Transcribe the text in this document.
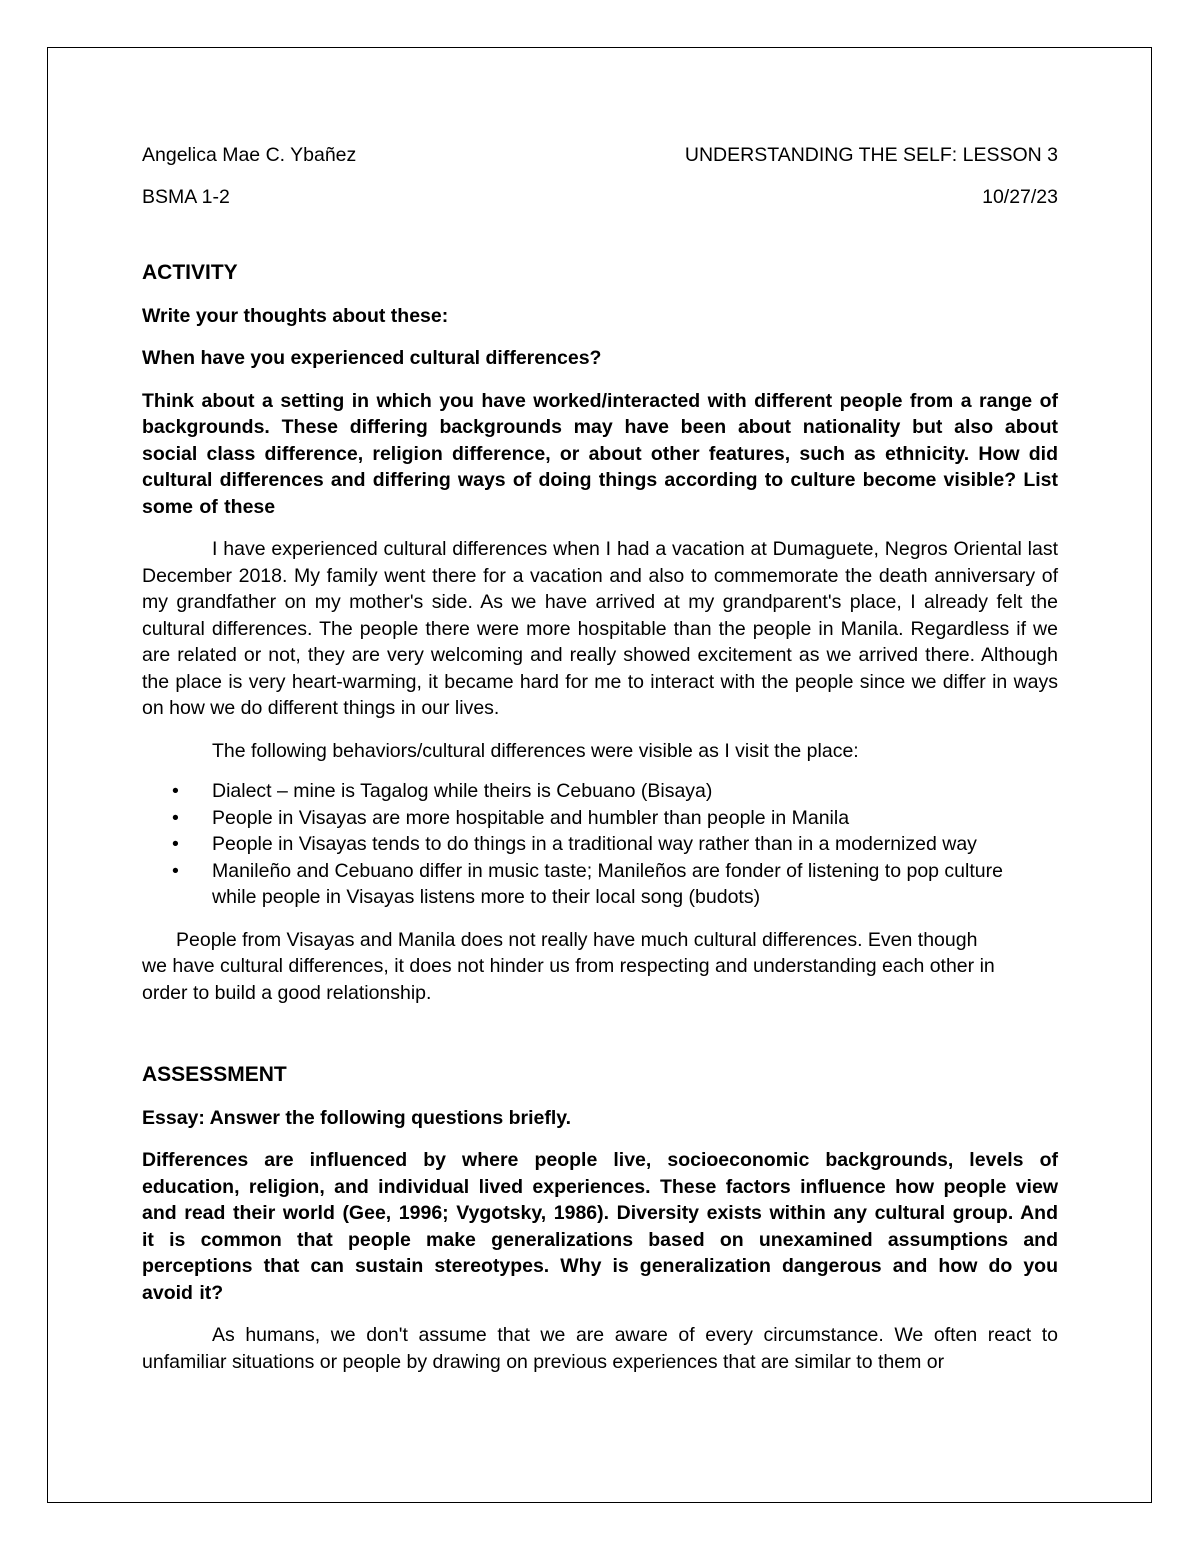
Angelica Mae C. Ybañez	UNDERSTANDING THE SELF: LESSON 3
BSMA 1-2	10/27/23
ACTIVITY

Write your thoughts about these:

When have you experienced cultural differences?

Think about a setting in which you have worked/interacted with different people from a range of backgrounds. These differing backgrounds may have been about nationality but also about social class difference, religion difference, or about other features, such as ethnicity. How did cultural differences and differing ways of doing things according to culture become visible? List some of these

I have experienced cultural differences when I had a vacation at Dumaguete, Negros Oriental last December 2018. My family went there for a vacation and also to commemorate the death anniversary of my grandfather on my mother's side. As we have arrived at my grandparent's place, I already felt the cultural differences. The people there were more hospitable than the people in Manila. Regardless if we are related or not, they are very welcoming and really showed excitement as we arrived there. Although the place is very heart-warming, it became hard for me to interact with the people since we differ in ways on how we do different things in our lives.

The following behaviors/cultural differences were visible as I visit the place:

• Dialect – mine is Tagalog while theirs is Cebuano (Bisaya)
• People in Visayas are more hospitable and humbler than people in Manila
• People in Visayas tends to do things in a traditional way rather than in a modernized way
• Manileño and Cebuano differ in music taste; Manileños are fonder of listening to pop culture while people in Visayas listens more to their local song (budots)

People from Visayas and Manila does not really have much cultural differences. Even though we have cultural differences, it does not hinder us from respecting and understanding each other in order to build a good relationship.

ASSESSMENT

Essay: Answer the following questions briefly.

Differences are influenced by where people live, socioeconomic backgrounds, levels of education, religion, and individual lived experiences. These factors influence how people view and read their world (Gee, 1996; Vygotsky, 1986). Diversity exists within any cultural group. And it is common that people make generalizations based on unexamined assumptions and perceptions that can sustain stereotypes. Why is generalization dangerous and how do you avoid it?

As humans, we don't assume that we are aware of every circumstance. We often react to unfamiliar situations or people by drawing on previous experiences that are similar to them or
